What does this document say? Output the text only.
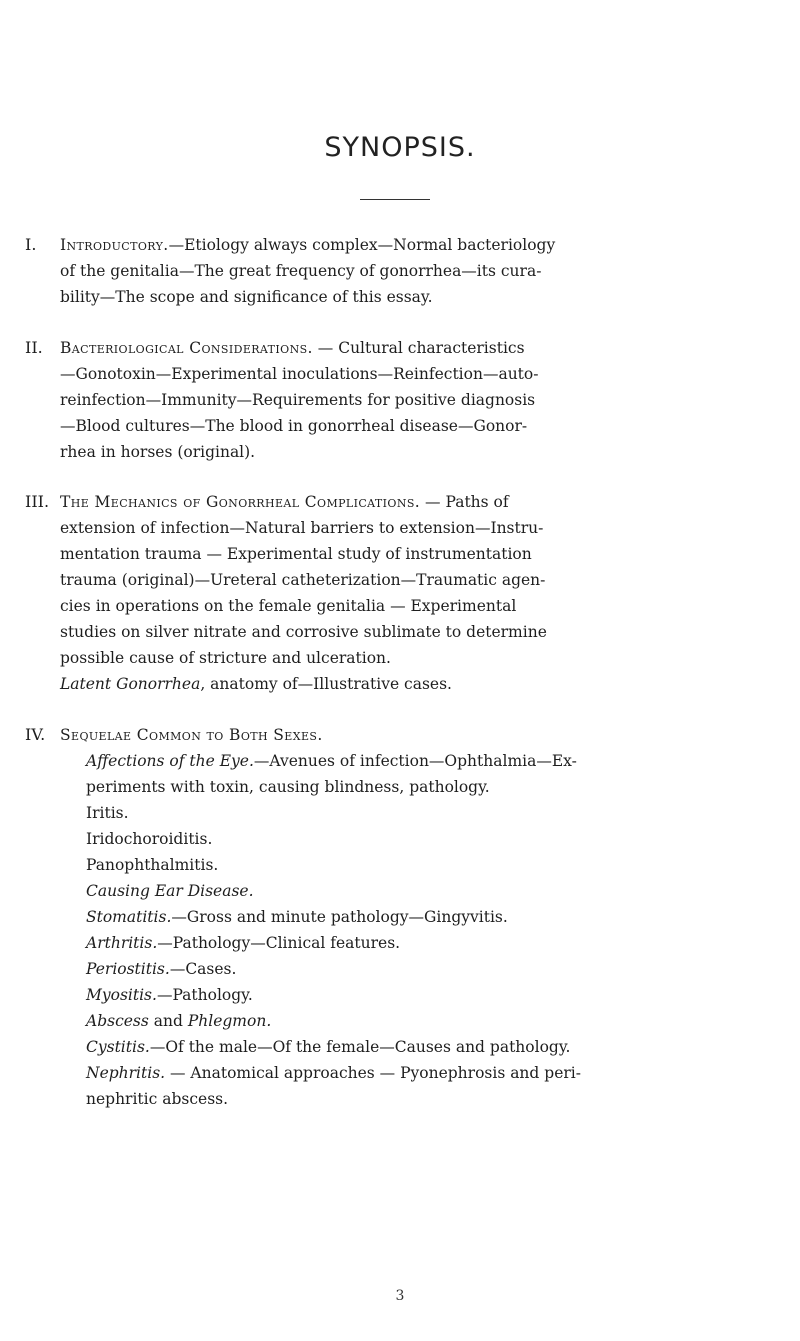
SYNOPSIS.
I. Introductory.—Etiology always complex—Normal bacteriology
of the genitalia—The great frequency of gonorrhea—its cura-
bility—The scope and significance of this essay.
II. Bacteriological Considerations. — Cultural characteristics
—Gonotoxin—Experimental inoculations—Reinfection—auto-
reinfection—Immunity—Requirements for positive diagnosis
—Blood cultures—The blood in gonorrheal disease—Gonor-
rhea in horses (original).
III. The Mechanics of Gonorrheal Complications. — Paths of
extension of infection—Natural barriers to extension—Instru-
mentation trauma — Experimental study of instrumentation
trauma (original)—Ureteral catheterization—Traumatic agen-
cies in operations on the female genitalia — Experimental
studies on silver nitrate and corrosive sublimate to determine
possible cause of stricture and ulceration.
Latent Gonorrhea, anatomy of—Illustrative cases.
IV. Sequelae Common to Both Sexes.
Affections of the Eye.—Avenues of infection—Ophthalmia—Ex-
periments with toxin, causing blindness, pathology.
Iritis.
Iridochoroiditis.
Panophthalmitis.
Causing Ear Disease.
Stomatitis.—Gross and minute pathology—Gingyvitis.
Arthritis.—Pathology—Clinical features.
Periostitis.—Cases.
Myositis.—Pathology.
Abscess and Phlegmon.
Cystitis.—Of the male—Of the female—Causes and pathology.
Nephritis. — Anatomical approaches — Pyonephrosis and peri-
nephritic abscess.
3
